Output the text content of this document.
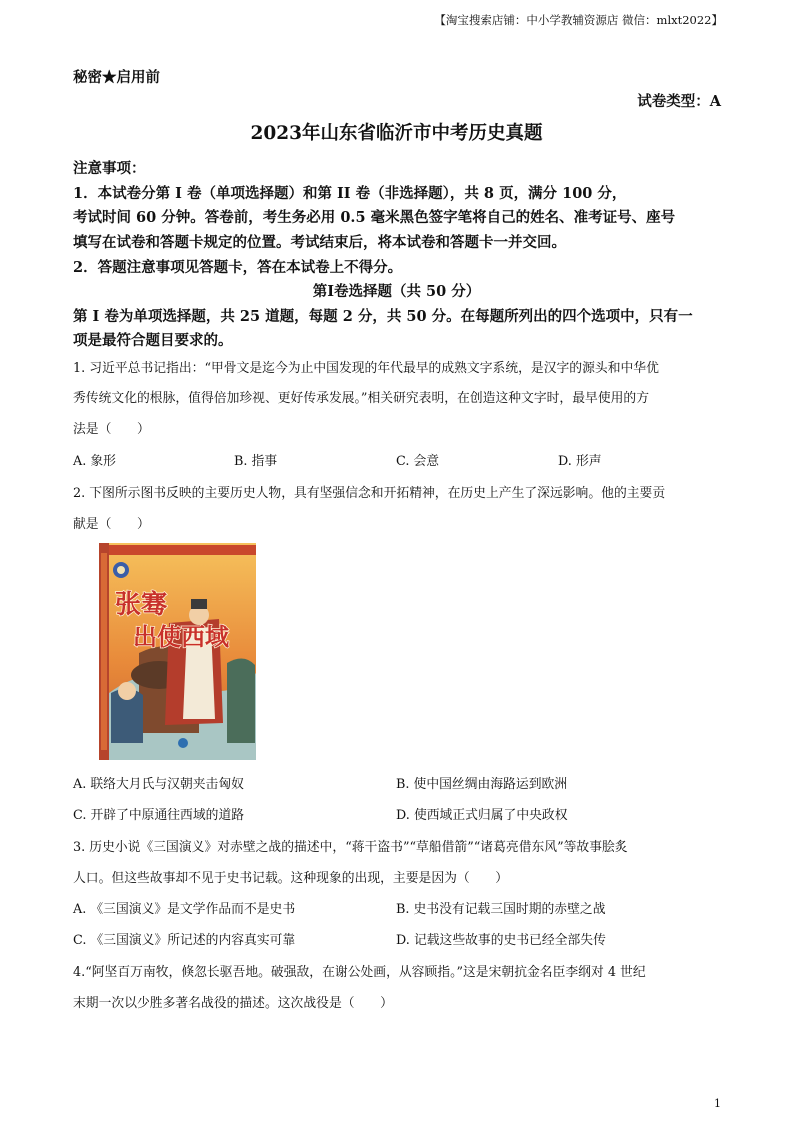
【淘宝搜索店铺：中小学教辅资源店 微信：mlxt2022】
秘密★启用前
试卷类型：A
2023年山东省临沂市中考历史真题
注意事项：
1．本试卷分第 I 卷（单项选择题）和第 II 卷（非选择题），共 8 页，满分 100 分，
考试时间 60 分钟。答卷前，考生务必用 0.5 毫米黑色签字笔将自己的姓名、准考证号、座号
填写在试卷和答题卡规定的位置。考试结束后，将本试卷和答题卡一并交回。
2．答题注意事项见答题卡，答在本试卷上不得分。
第Ⅰ卷选择题（共 50 分）
第 I 卷为单项选择题，共 25 道题，每题 2 分，共 50 分。在每题所列出的四个选项中，只有一
项是最符合题目要求的。
1. 习近平总书记指出：“甲骨文是迄今为止中国发现的年代最早的成熟文字系统，是汉字的源头和中华优
秀传统文化的根脉，值得倍加珍视、更好传承发展。”相关研究表明，在创造这种文字时，最早使用的方
法是（　　）
A. 象形	B. 指事	C. 会意	D. 形声
2. 下图所示图书反映的主要历史人物，具有坚强信念和开拓精神，在历史上产生了深远影响。他的主要贡
献是（　　）
张骞
出使西域
A. 联络大月氏与汉朝夹击匈奴	B. 使中国丝绸由海路运到欧洲
C. 开辟了中原通往西域的道路	D. 使西域正式归属了中央政权
3. 历史小说《三国演义》对赤壁之战的描述中，“蒋干盗书”“草船借箭”“诸葛亮借东风”等故事脍炙
人口。但这些故事却不见于史书记载。这种现象的出现，主要是因为（　　）
A. 《三国演义》是文学作品而不是史书	B. 史书没有记载三国时期的赤壁之战
C. 《三国演义》所记述的内容真实可靠	D. 记载这些故事的史书已经全部失传
4.“阿坚百万南牧，倏忽长驱吾地。破强敌，在谢公处画，从容顾指。”这是宋朝抗金名臣李纲对 4 世纪
末期一次以少胜多著名战役的描述。这次战役是（　　）
1
